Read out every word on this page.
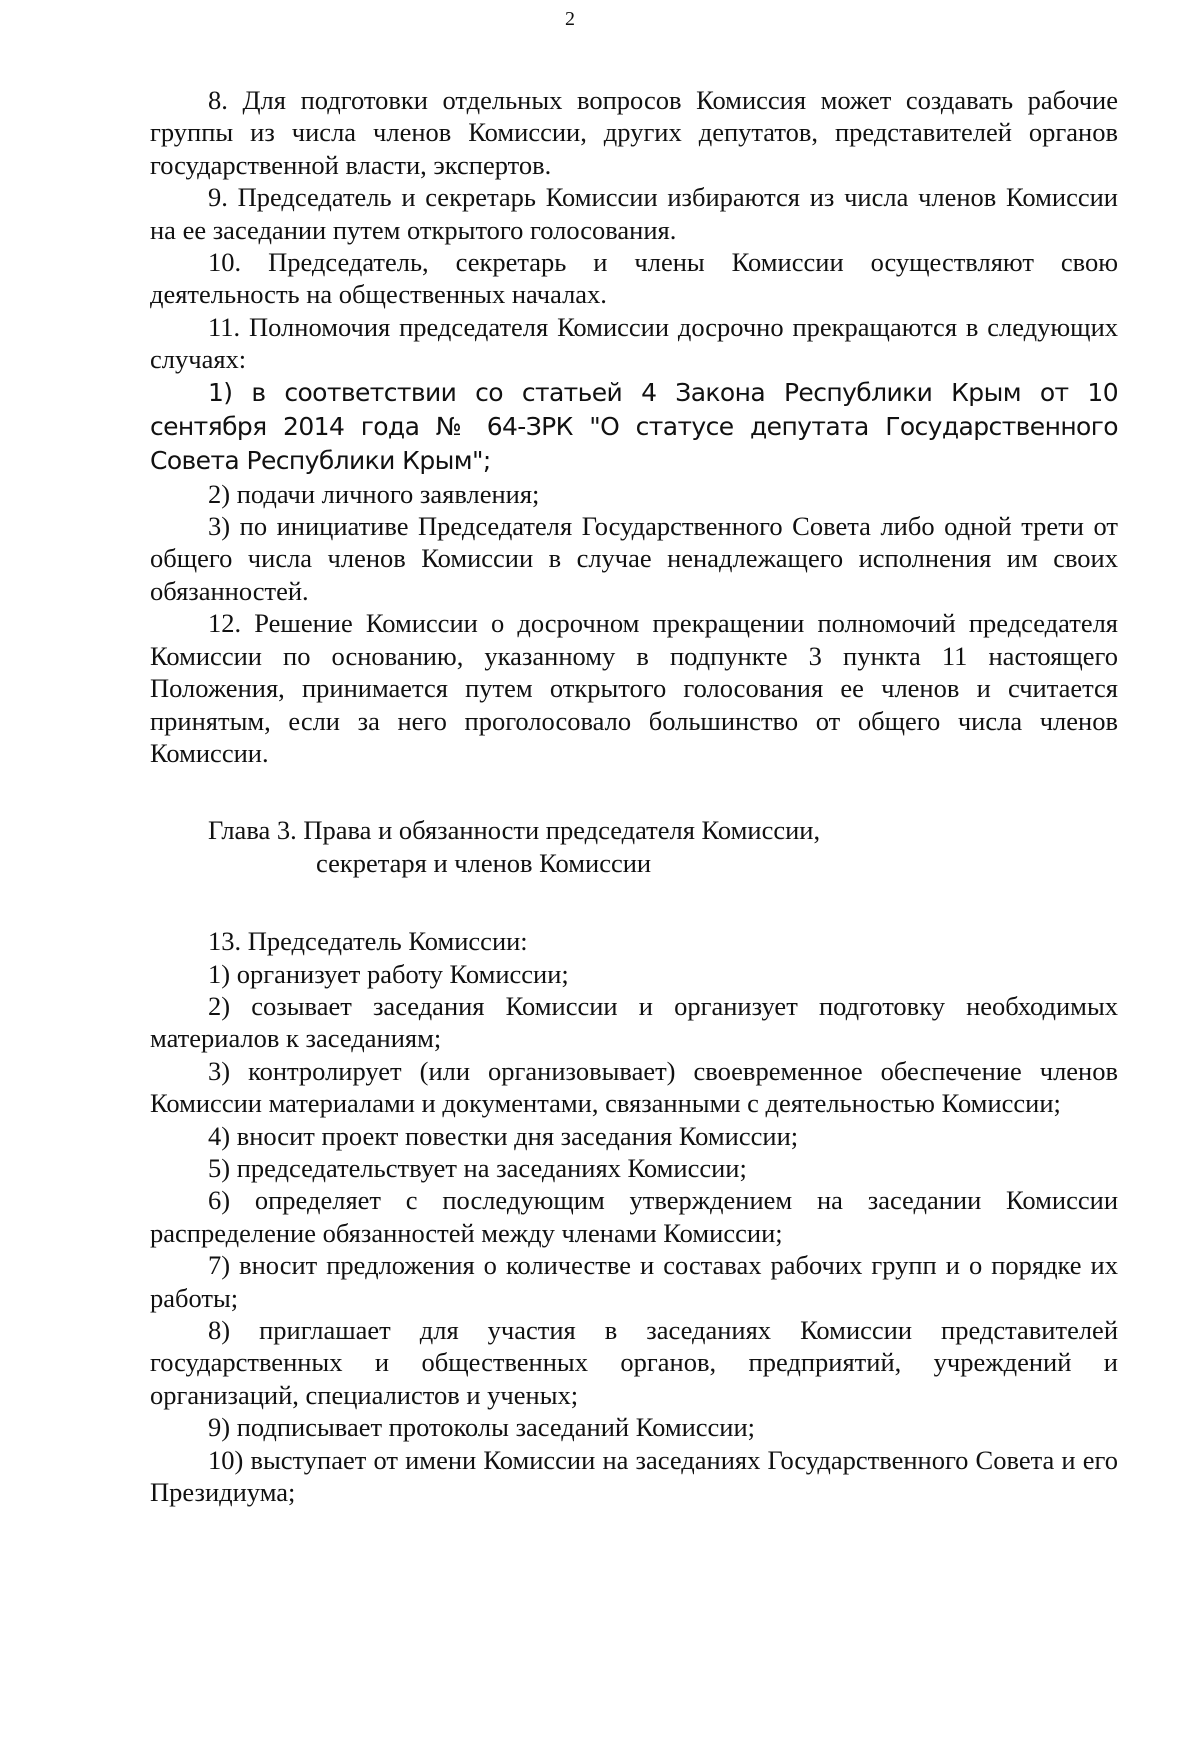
2

8. Для подготовки отдельных вопросов Комиссия может создавать рабочие группы из числа членов Комиссии, других депутатов, представителей органов государственной власти, экспертов.

9. Председатель и секретарь Комиссии избираются из числа членов Комиссии на ее заседании путем открытого голосования.

10. Председатель, секретарь и члены Комиссии осуществляют свою деятельность на общественных началах.

11. Полномочия председателя Комиссии досрочно прекращаются в следующих случаях:

1) в соответствии со статьей 4 Закона Республики Крым от 10 сентября 2014 года № 64-ЗРК "О статусе депутата Государственного Совета Республики Крым";

2) подачи личного заявления;

3) по инициативе Председателя Государственного Совета либо одной трети от общего числа членов Комиссии в случае ненадлежащего исполнения им своих обязанностей.

12. Решение Комиссии о досрочном прекращении полномочий председателя Комиссии по основанию, указанному в подпункте 3 пункта 11 настоящего Положения, принимается путем открытого голосования ее членов и считается принятым, если за него проголосовало большинство от общего числа членов Комиссии.

Глава 3. Права и обязанности председателя Комиссии,
секретаря и членов Комиссии

13. Председатель Комиссии:

1) организует работу Комиссии;

2) созывает заседания Комиссии и организует подготовку необходимых материалов к заседаниям;

3) контролирует (или организовывает) своевременное обеспечение членов Комиссии материалами и документами, связанными с деятельностью Комиссии;

4) вносит проект повестки дня заседания Комиссии;

5) председательствует на заседаниях Комиссии;

6) определяет с последующим утверждением на заседании Комиссии распределение обязанностей между членами Комиссии;

7) вносит предложения о количестве и составах рабочих групп и о порядке их работы;

8) приглашает для участия в заседаниях Комиссии представителей государственных и общественных органов, предприятий, учреждений и организаций, специалистов и ученых;

9) подписывает протоколы заседаний Комиссии;

10) выступает от имени Комиссии на заседаниях Государственного Совета и его Президиума;
